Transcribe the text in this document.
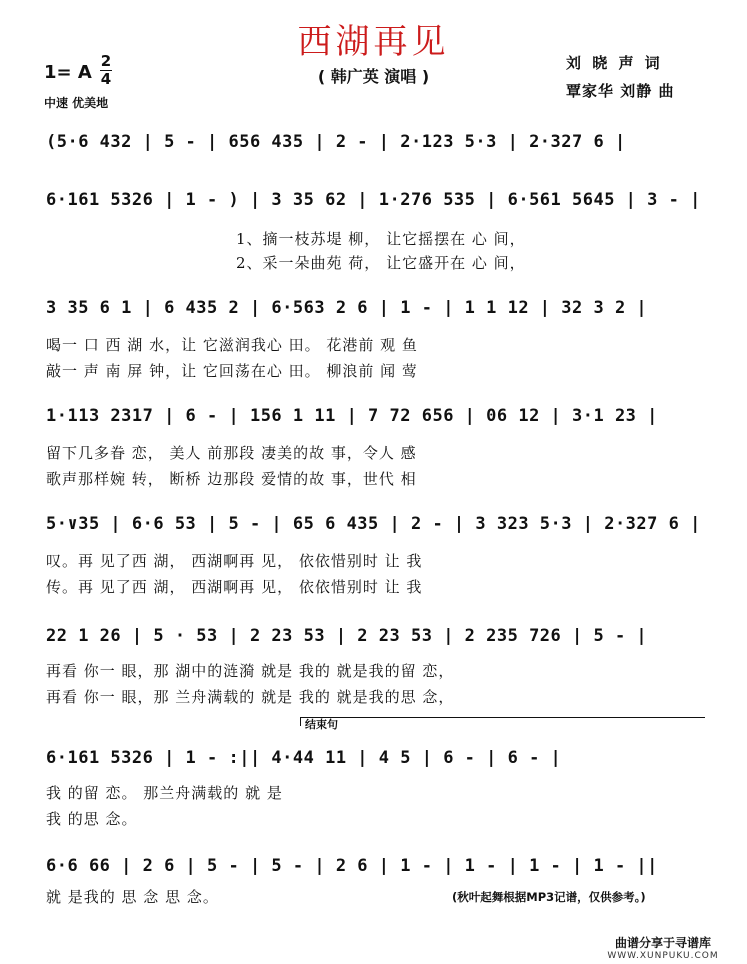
西湖再见
( 韩广英 演唱 )
1= A
2
4
中速 优美地
刘 晓 声 词
覃家华 刘静 曲
(5·6 432 | 5 - | 656 435 | 2 - | 2·123 5·3 | 2·327 6 |
6·161 5326 | 1 - ) | 3 35 62 | 1·276 535 | 6·561 5645 | 3 - |
1、摘一枝苏堤 柳， 让它摇摆在 心 间，
2、采一朵曲苑 荷， 让它盛开在 心 间，
3 35 6 1 | 6 435 2 | 6·563 2 6 | 1 - | 1 1 12 | 32 3 2 |
喝一 口 西 湖 水，让 它滋润我心 田。 花港前 观 鱼
敲一 声 南 屏 钟，让 它回荡在心 田。 柳浪前 闻 莺
1·113 2317 | 6 - | 156 1 11 | 7 72 656 | 06 12 | 3·1 23 |
留下几多眷 恋， 美人 前那段 凄美的故 事，令人 感
歌声那样婉 转， 断桥 边那段 爱情的故 事，世代 相
5·∨35 | 6·6 53 | 5 - | 65 6 435 | 2 - | 3 323 5·3 | 2·327 6 |
叹。再 见了西 湖， 西湖啊再 见， 依依惜别时 让 我
传。再 见了西 湖， 西湖啊再 见， 依依惜别时 让 我
22 1 26 | 5 · 53 | 2 23 53 | 2 23 53 | 2 235 726 | 5 - |
再看 你一 眼，那 湖中的涟漪 就是 我的 就是我的留 恋，
再看 你一 眼，那 兰舟满载的 就是 我的 就是我的思 念，
结束句
6·161 5326 | 1 - :|| 4·44 11 | 4 5 | 6 - | 6 - |
我 的留 恋。 那兰舟满载的 就 是
我 的思 念。
6·6 66 | 2 6 | 5 - | 5 - | 2 6 | 1 - | 1 - | 1 - | 1 - ||
就 是我的 思 念 思 念。	(秋叶起舞根据MP3记谱，仅供参考。)
曲谱分享于寻谱库
WWW.XUNPUKU.COM
